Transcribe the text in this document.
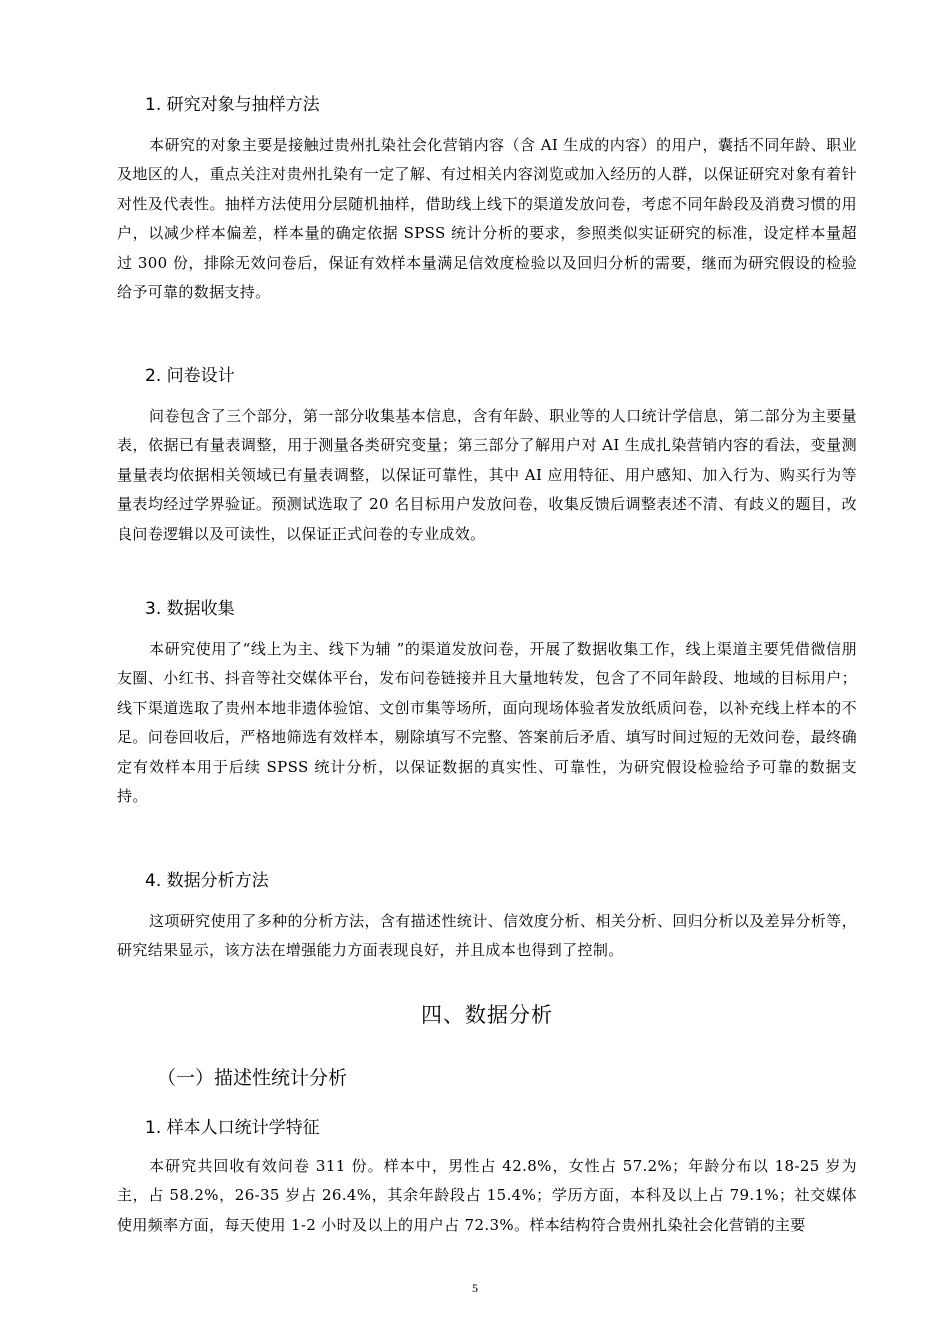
1. 研究对象与抽样方法

本研究的对象主要是接触过贵州扎染社会化营销内容（含 AI 生成的内容）的用户，囊括不同年龄、职业及地区的人，重点关注对贵州扎染有一定了解、有过相关内容浏览或加入经历的人群，以保证研究对象有着针对性及代表性。抽样方法使用分层随机抽样，借助线上线下的渠道发放问卷，考虑不同年龄段及消费习惯的用户，以减少样本偏差，样本量的确定依据 SPSS 统计分析的要求，参照类似实证研究的标准，设定样本量超过 300 份，排除无效问卷后，保证有效样本量满足信效度检验以及回归分析的需要，继而为研究假设的检验给予可靠的数据支持。

2. 问卷设计

问卷包含了三个部分，第一部分收集基本信息，含有年龄、职业等的人口统计学信息，第二部分为主要量表，依据已有量表调整，用于测量各类研究变量；第三部分了解用户对 AI 生成扎染营销内容的看法，变量测量量表均依据相关领域已有量表调整，以保证可靠性，其中 AI 应用特征、用户感知、加入行为、购买行为等量表均经过学界验证。预测试选取了 20 名目标用户发放问卷，收集反馈后调整表述不清、有歧义的题目，改良问卷逻辑以及可读性，以保证正式问卷的专业成效。

3. 数据收集

本研究使用了“线上为主、线下为辅 ”的渠道发放问卷，开展了数据收集工作，线上渠道主要凭借微信朋友圈、小红书、抖音等社交媒体平台，发布问卷链接并且大量地转发，包含了不同年龄段、地域的目标用户；线下渠道选取了贵州本地非遗体验馆、文创市集等场所，面向现场体验者发放纸质问卷，以补充线上样本的不足。问卷回收后，严格地筛选有效样本，剔除填写不完整、答案前后矛盾、填写时间过短的无效问卷，最终确定有效样本用于后续 SPSS 统计分析，以保证数据的真实性、可靠性，为研究假设检验给予可靠的数据支持。

4. 数据分析方法

这项研究使用了多种的分析方法，含有描述性统计、信效度分析、相关分析、回归分析以及差异分析等，研究结果显示，该方法在增强能力方面表现良好，并且成本也得到了控制。

四、数据分析

（一）描述性统计分析

1. 样本人口统计学特征

本研究共回收有效问卷 311 份。样本中，男性占 42.8%，女性占 57.2%；年龄分布以 18-25 岁为主，占 58.2%，26-35 岁占 26.4%，其余年龄段占 15.4%；学历方面，本科及以上占 79.1%；社交媒体使用频率方面，每天使用 1-2 小时及以上的用户占 72.3%。样本结构符合贵州扎染社会化营销的主要

5
